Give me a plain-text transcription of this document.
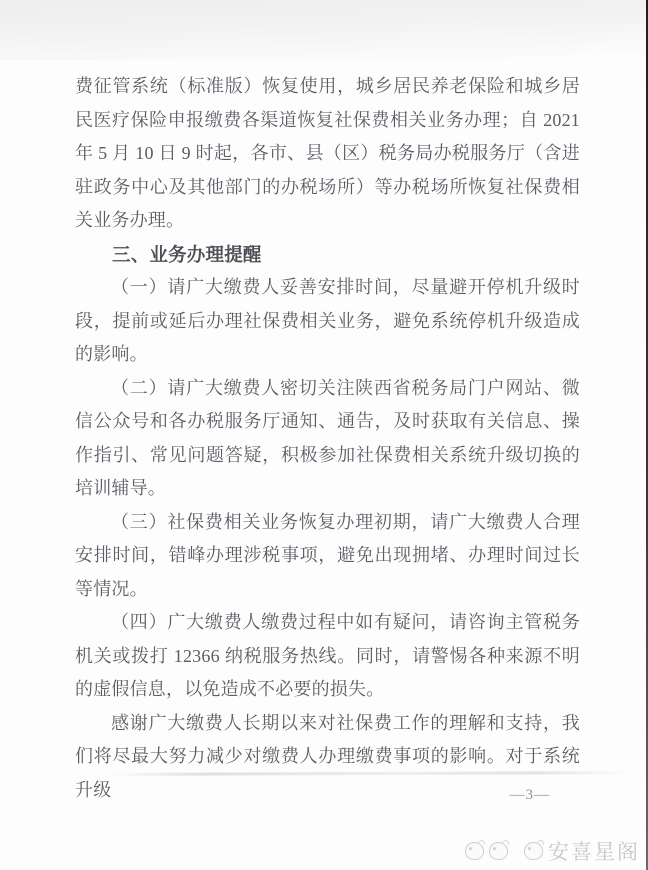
费征管系统（标准版）恢复使用，城乡居民养老保险和城乡居民医疗保险申报缴费各渠道恢复社保费相关业务办理；自 2021 年 5 月 10 日 9 时起，各市、县（区）税务局办税服务厅（含进驻政务中心及其他部门的办税场所）等办税场所恢复社保费相关业务办理。

三、业务办理提醒

（一）请广大缴费人妥善安排时间，尽量避开停机升级时段，提前或延后办理社保费相关业务，避免系统停机升级造成的影响。

（二）请广大缴费人密切关注陕西省税务局门户网站、微信公众号和各办税服务厅通知、通告，及时获取有关信息、操作指引、常见问题答疑，积极参加社保费相关系统升级切换的培训辅导。

（三）社保费相关业务恢复办理初期，请广大缴费人合理安排时间，错峰办理涉税事项，避免出现拥堵、办理时间过长等情况。

（四）广大缴费人缴费过程中如有疑问，请咨询主管税务机关或拨打 12366 纳税服务热线。同时，请警惕各种来源不明的虚假信息，以免造成不必要的损失。

感谢广大缴费人长期以来对社保费工作的理解和支持，我们将尽最大努力减少对缴费人办理缴费事项的影响。对于系统升级	—3—
安喜星阁
